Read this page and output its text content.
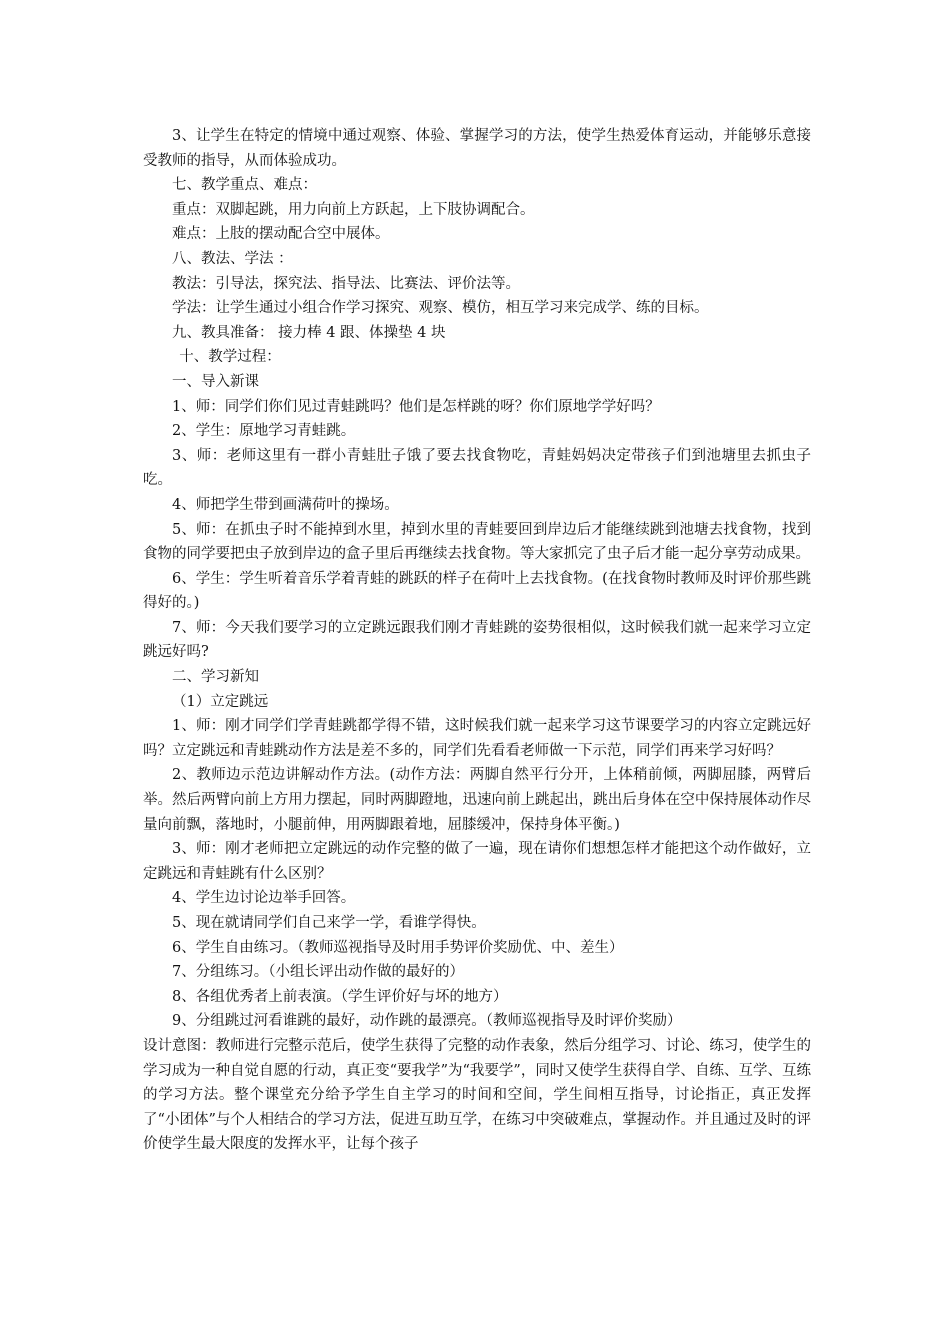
3、让学生在特定的情境中通过观察、体验、掌握学习的方法，使学生热爱体育运动，并能够乐意接受教师的指导，从而体验成功。

七、教学重点、难点：

重点：双脚起跳，用力向前上方跃起，上下肢协调配合。

难点：上肢的摆动配合空中展体。

八、教法、学法 ：

教法：引导法，探究法、指导法、比赛法、评价法等。

学法：让学生通过小组合作学习探究、观察、模仿，相互学习来完成学、练的目标。

九、教具准备： 接力棒 4 跟、体操垫 4 块

十、教学过程：

一、导入新课

1、师：同学们你们见过青蛙跳吗？他们是怎样跳的呀？你们原地学学好吗？

2、学生：原地学习青蛙跳。

3、师：老师这里有一群小青蛙肚子饿了要去找食物吃，青蛙妈妈决定带孩子们到池塘里去抓虫子吃。

4、师把学生带到画满荷叶的操场。

5、师：在抓虫子时不能掉到水里，掉到水里的青蛙要回到岸边后才能继续跳到池塘去找食物，找到食物的同学要把虫子放到岸边的盒子里后再继续去找食物。等大家抓完了虫子后才能一起分享劳动成果。

6、学生：学生听着音乐学着青蛙的跳跃的样子在荷叶上去找食物。(在找食物时教师及时评价那些跳得好的。)

7、师：今天我们要学习的立定跳远跟我们刚才青蛙跳的姿势很相似，这时候我们就一起来学习立定跳远好吗?

二、学习新知

（1）立定跳远

1、师：刚才同学们学青蛙跳都学得不错，这时候我们就一起来学习这节课要学习的内容立定跳远好吗？立定跳远和青蛙跳动作方法是差不多的，同学们先看看老师做一下示范，同学们再来学习好吗？

2、教师边示范边讲解动作方法。(动作方法：两脚自然平行分开，上体稍前倾，两脚屈膝，两臂后举。然后两臂向前上方用力摆起，同时两脚蹬地，迅速向前上跳起出，跳出后身体在空中保持展体动作尽量向前飘，落地时，小腿前伸，用两脚跟着地，屈膝缓冲，保持身体平衡。)

3、师：刚才老师把立定跳远的动作完整的做了一遍，现在请你们想想怎样才能把这个动作做好，立定跳远和青蛙跳有什么区别？

4、学生边讨论边举手回答。

5、现在就请同学们自己来学一学，看谁学得快。

6、学生自由练习。（教师巡视指导及时用手势评价奖励优、中、差生）

7、分组练习。（小组长评出动作做的最好的）

8、各组优秀者上前表演。（学生评价好与坏的地方）

9、分组跳过河看谁跳的最好，动作跳的最漂亮。（教师巡视指导及时评价奖励）

设计意图：教师进行完整示范后，使学生获得了完整的动作表象，然后分组学习、讨论、练习，使学生的学习成为一种自觉自愿的行动，真正变“要我学”为“我要学”，同时又使学生获得自学、自练、互学、互练的学习方法。整个课堂充分给予学生自主学习的时间和空间，学生间相互指导，讨论指正，真正发挥了“小团体”与个人相结合的学习方法，促进互助互学，在练习中突破难点，掌握动作。并且通过及时的评价使学生最大限度的发挥水平，让每个孩子
